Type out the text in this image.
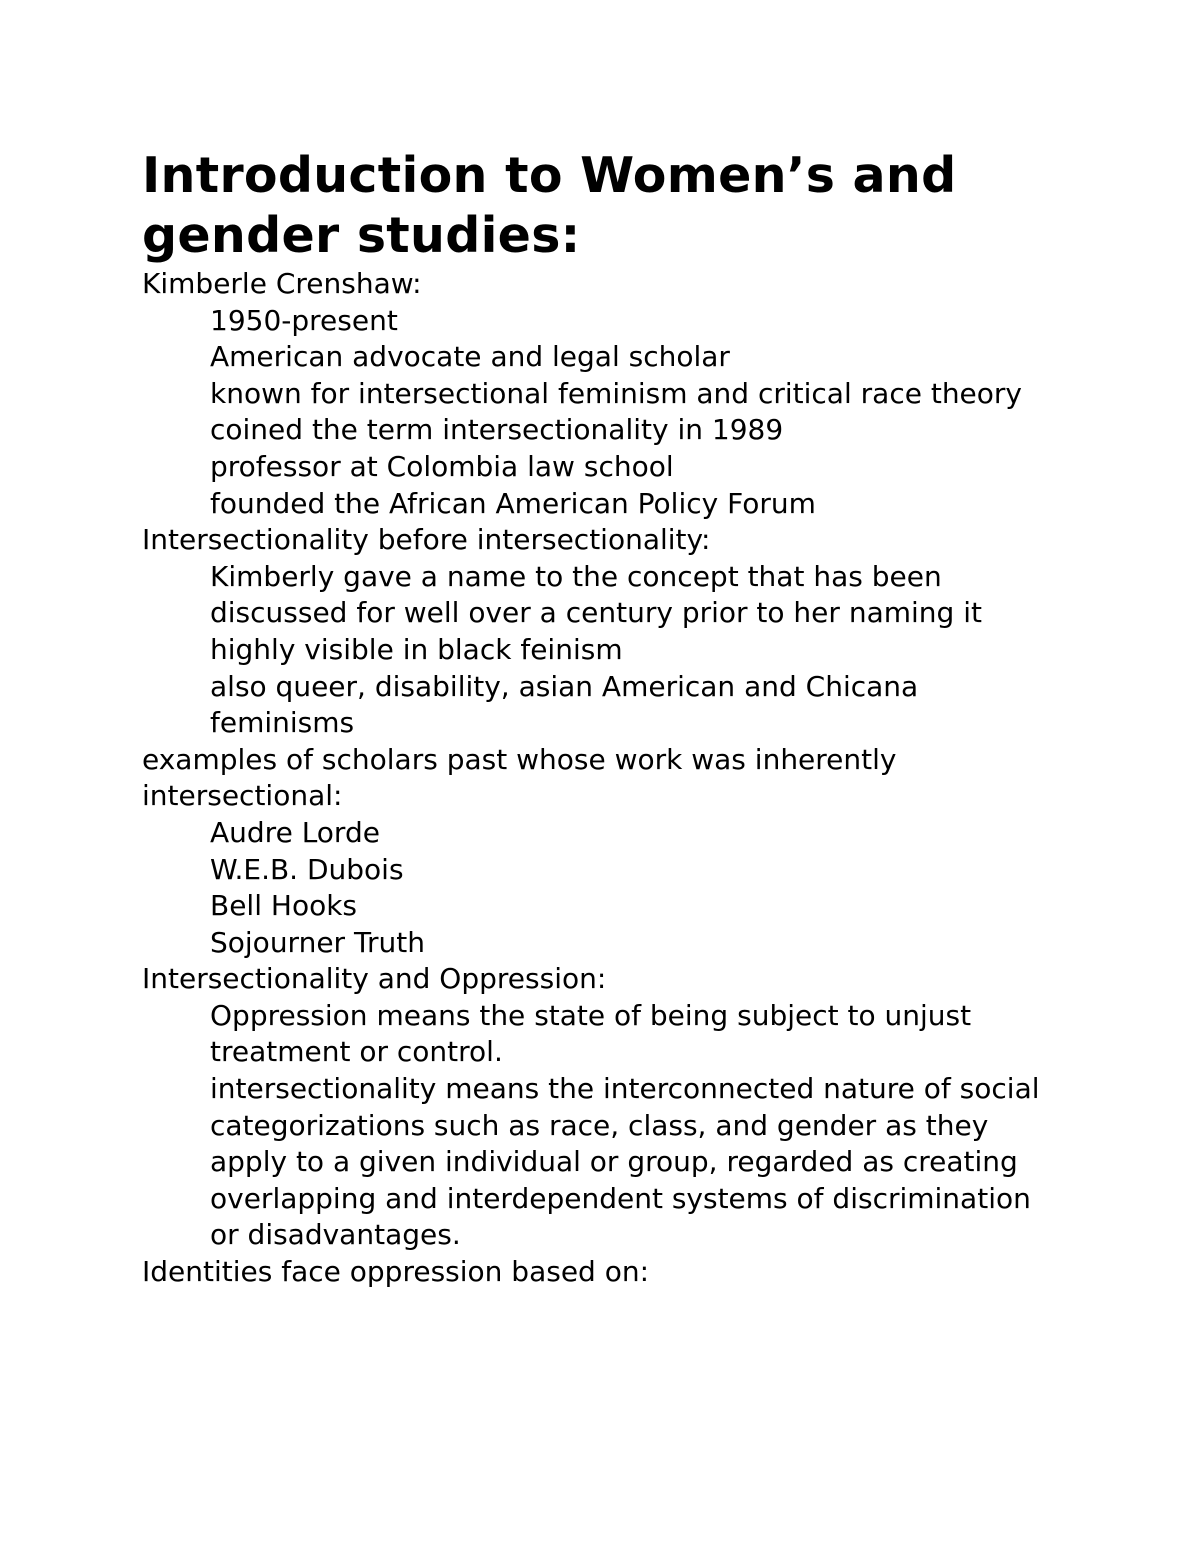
Introduction to Women’s and gender studies:

Kimberle Crenshaw:

1950-present
American advocate and legal scholar
known for intersectional feminism and critical race theory
coined the term intersectionality in 1989
professor at Colombia law school
founded the African American Policy Forum

Intersectionality before intersectionality:

Kimberly gave a name to the concept that has been discussed for well over a century prior to her naming it
highly visible in black feinism
also queer, disability, asian American and Chicana feminisms

examples of scholars past whose work was inherently intersectional:

Audre Lorde
W.E.B. Dubois
Bell Hooks
Sojourner Truth

Intersectionality and Oppression:

Oppression means the state of being subject to unjust treatment or control.
intersectionality means the interconnected nature of social categorizations such as race, class, and gender as they apply to a given individual or group, regarded as creating overlapping and interdependent systems of discrimination or disadvantages.

Identities face oppression based on:
